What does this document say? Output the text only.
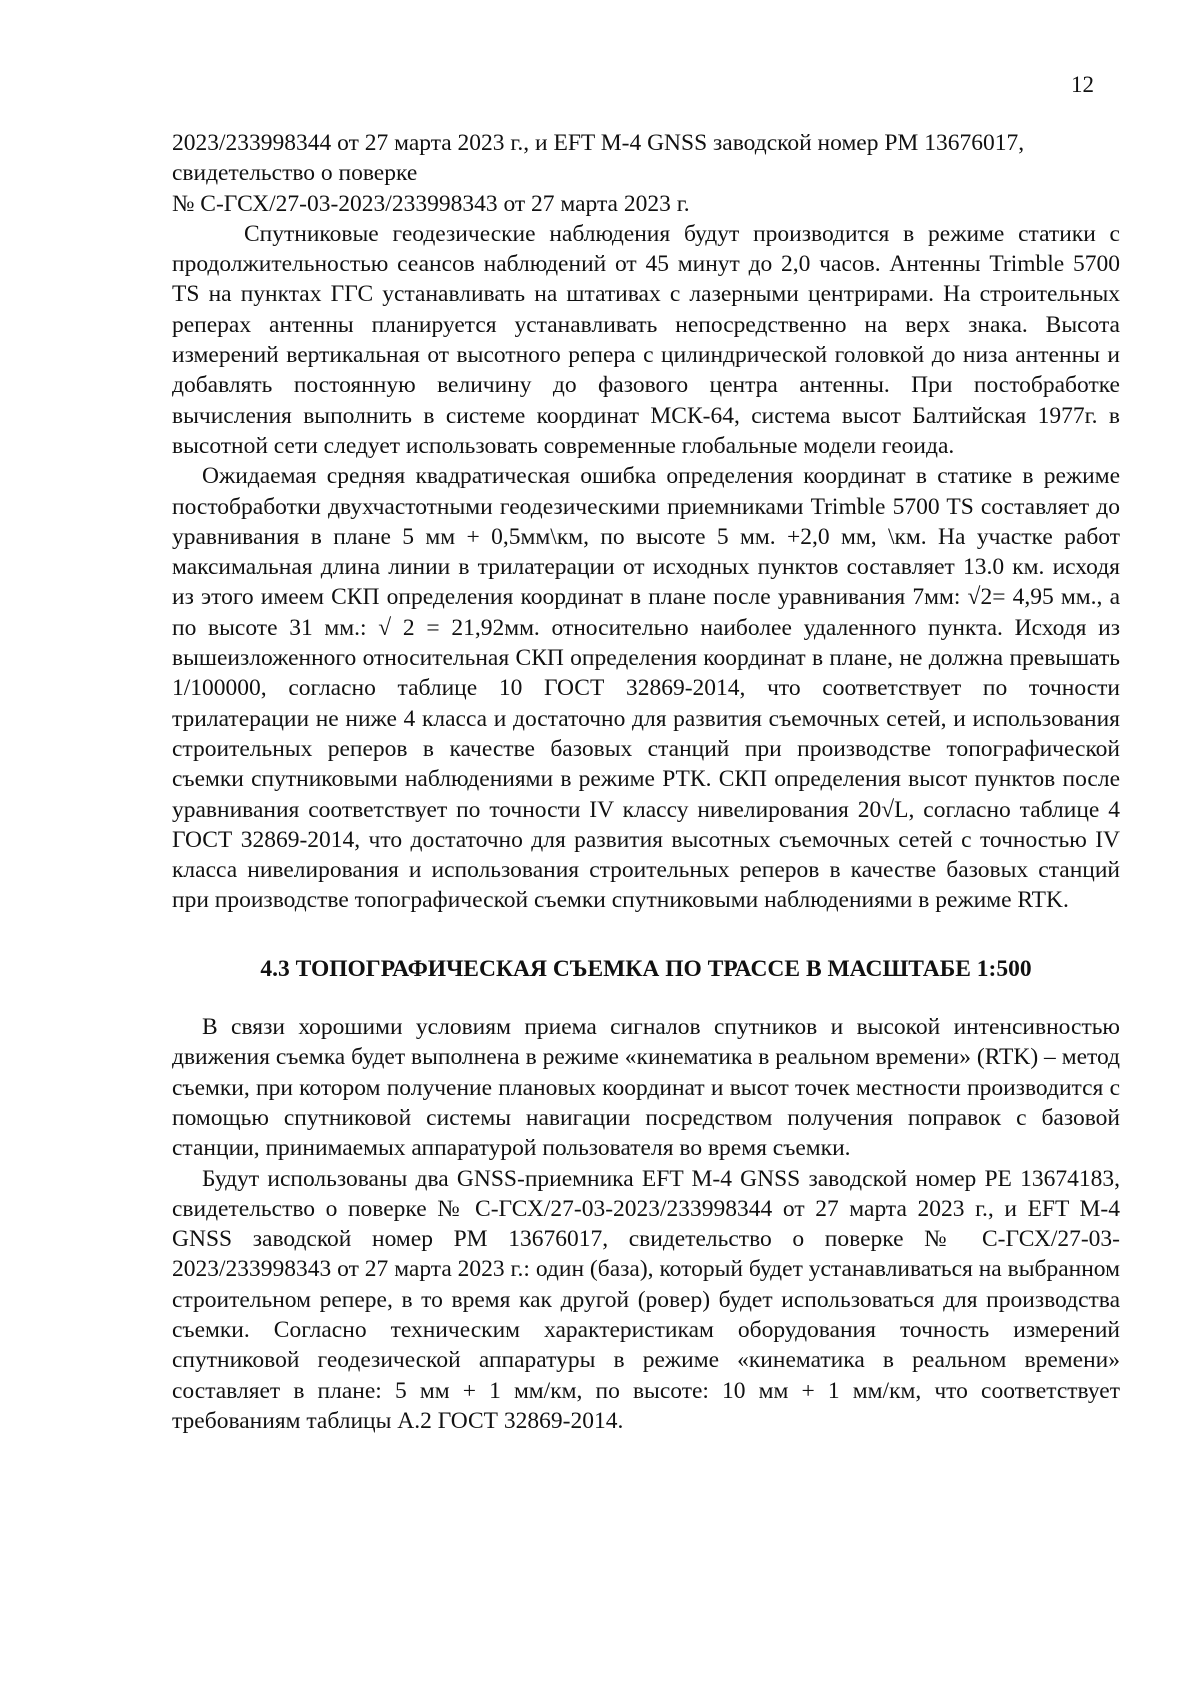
12

2023/233998344 от 27 марта 2023 г., и EFT M-4 GNSS заводской номер PM 13676017,

свидетельство о поверке

№ С-ГСХ/27-03-2023/233998343 от 27 марта 2023 г.

Спутниковые геодезические наблюдения будут производится в режиме статики с продолжительностью сеансов наблюдений от 45 минут до 2,0 часов. Антенны Trimble 5700 TS на пунктах ГГС устанавливать на штативах с лазерными центрирами. На строительных реперах антенны планируется устанавливать непосредственно на верх знака. Высота измерений вертикальная от высотного репера с цилиндрической головкой до низа антенны и добавлять постоянную величину до фазового центра антенны. При постобработке вычисления выполнить в системе координат МСК-64, система высот Балтийская 1977г. в высотной сети следует использовать современные глобальные модели геоида.

Ожидаемая средняя квадратическая ошибка определения координат в статике в режиме постобработки двухчастотными геодезическими приемниками Trimble 5700 TS составляет до уравнивания в плане 5 мм + 0,5мм\км, по высоте 5 мм. +2,0 мм, \км. На участке работ максимальная длина линии в трилатерации от исходных пунктов составляет 13.0 км. исходя из этого имеем СКП определения координат в плане после уравнивания 7мм: √2= 4,95 мм., а по высоте 31 мм.: √ 2 = 21,92мм. относительно наиболее удаленного пункта. Исходя из вышеизложенного относительная СКП определения координат в плане, не должна превышать 1/100000, согласно таблице 10 ГОСТ 32869-2014, что соответствует по точности трилатерации не ниже 4 класса и достаточно для развития съемочных сетей, и использования строительных реперов в качестве базовых станций при производстве топографической съемки спутниковыми наблюдениями в режиме РТК. СКП определения высот пунктов после уравнивания соответствует по точности IV классу нивелирования 20√L, согласно таблице 4 ГОСТ 32869-2014, что достаточно для развития высотных съемочных сетей с точностью IV класса нивелирования и использования строительных реперов в качестве базовых станций при производстве топографической съемки спутниковыми наблюдениями в режиме RTK.

4.3 ТОПОГРАФИЧЕСКАЯ СЪЕМКА ПО ТРАССЕ В МАСШТАБЕ 1:500

В связи хорошими условиям приема сигналов спутников и высокой интенсивностью движения съемка будет выполнена в режиме «кинематика в реальном времени» (RTK) – метод съемки, при котором получение плановых координат и высот точек местности производится с помощью спутниковой системы навигации посредством получения поправок с базовой станции, принимаемых аппаратурой пользователя во время съемки.

Будут использованы два GNSS-приемника EFT M-4 GNSS заводской номер PE 13674183, свидетельство о поверке № С-ГСХ/27-03-2023/233998344 от 27 марта 2023 г., и EFT M-4 GNSS заводской номер PM 13676017, свидетельство о поверке № С-ГСХ/27-03-2023/233998343 от 27 марта 2023 г.: один (база), который будет устанавливаться на выбранном строительном репере, в то время как другой (ровер) будет использоваться для производства съемки. Согласно техническим характеристикам оборудования точность измерений спутниковой геодезической аппаратуры в режиме «кинематика в реальном времени» составляет в плане: 5 мм + 1 мм/км, по высоте: 10 мм + 1 мм/км, что соответствует требованиям таблицы А.2 ГОСТ 32869-2014.
